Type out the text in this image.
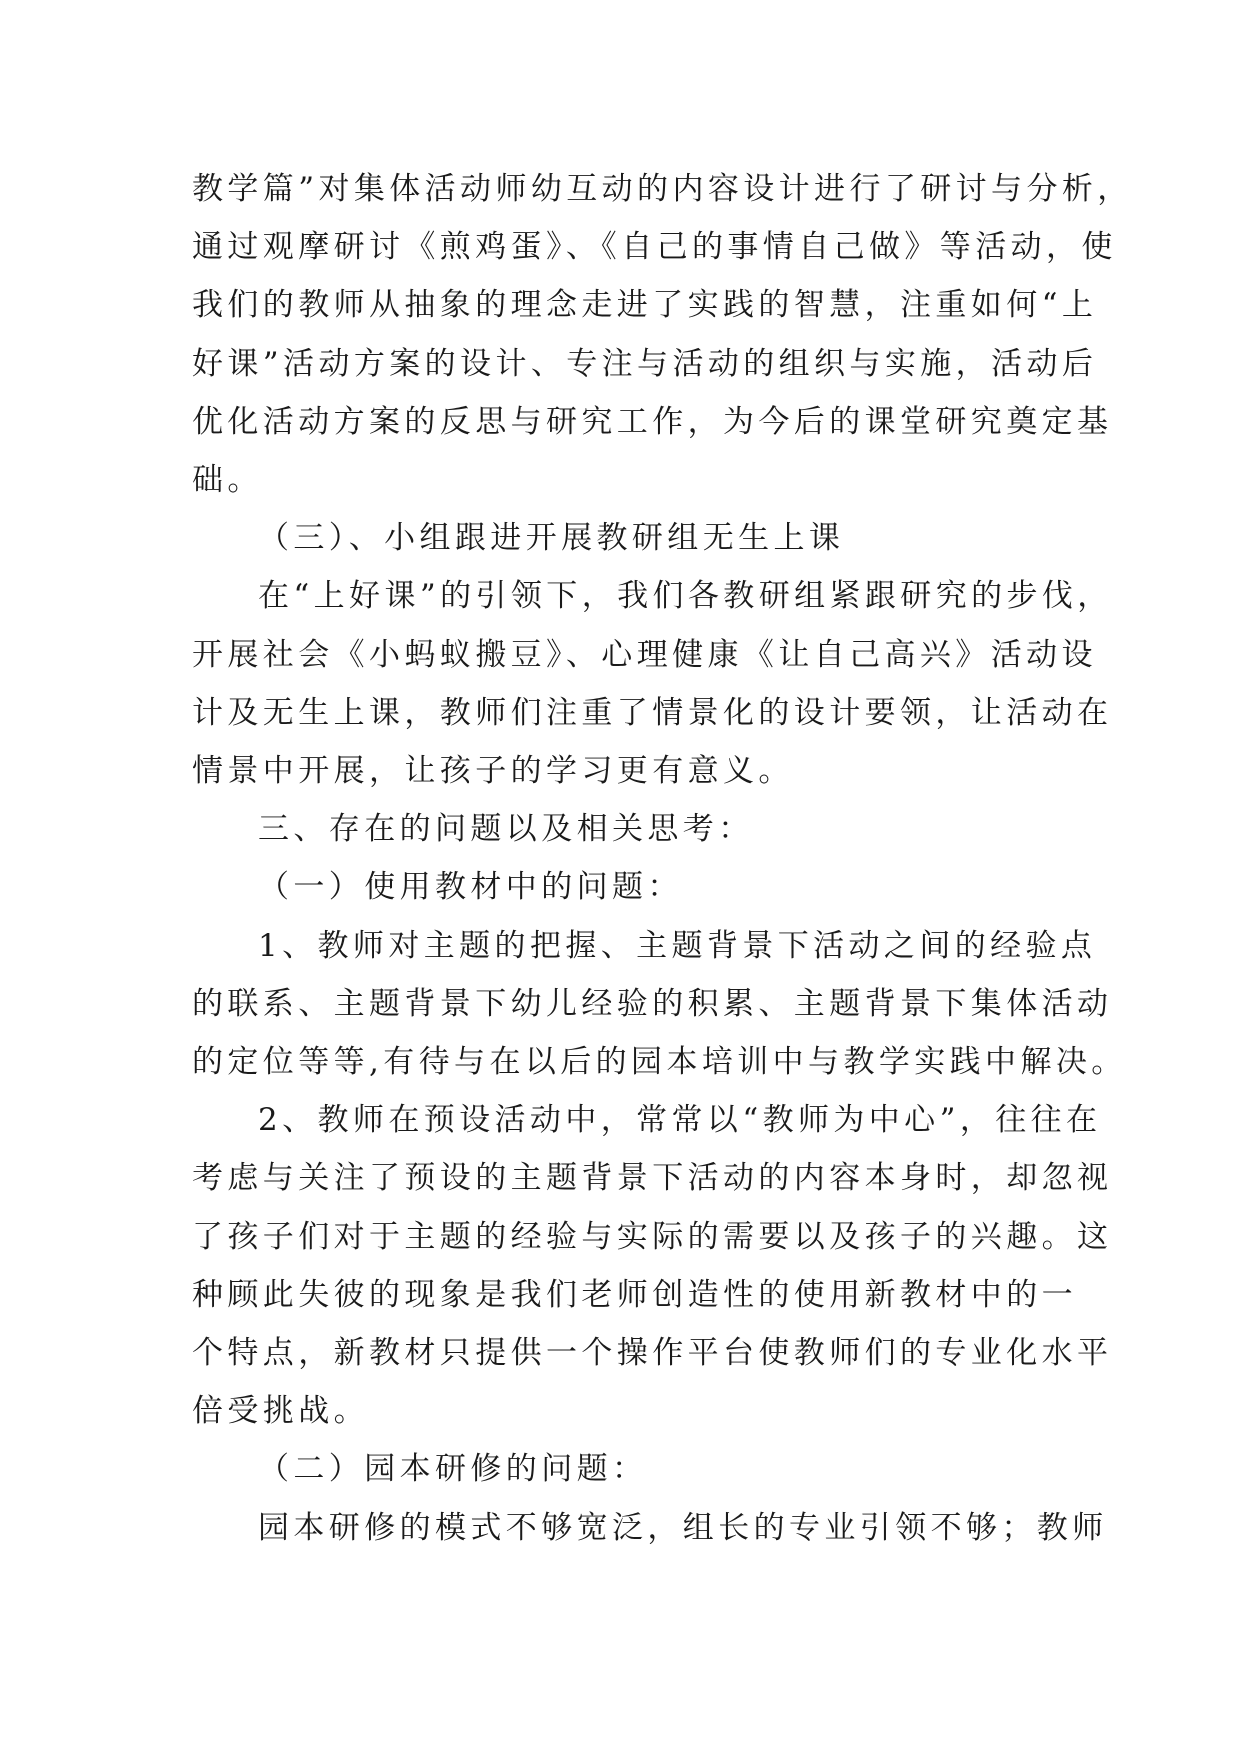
教学篇”对集体活动师幼互动的内容设计进行了研讨与分析，
通过观摩研讨《煎鸡蛋》、《自己的事情自己做》等活动，使
我们的教师从抽象的理念走进了实践的智慧，注重如何“上
好课”活动方案的设计、专注与活动的组织与实施，活动后
优化活动方案的反思与研究工作，为今后的课堂研究奠定基
础。
（三）、小组跟进开展教研组无生上课
在“上好课”的引领下，我们各教研组紧跟研究的步伐，
开展社会《小蚂蚁搬豆》、心理健康《让自己高兴》活动设
计及无生上课，教师们注重了情景化的设计要领，让活动在
情景中开展，让孩子的学习更有意义。
三、存在的问题以及相关思考：
（一）使用教材中的问题：
1、教师对主题的把握、主题背景下活动之间的经验点
的联系、主题背景下幼儿经验的积累、主题背景下集体活动
的定位等等,有待与在以后的园本培训中与教学实践中解决。
2、教师在预设活动中，常常以“教师为中心”，往往在
考虑与关注了预设的主题背景下活动的内容本身时，却忽视
了孩子们对于主题的经验与实际的需要以及孩子的兴趣。这
种顾此失彼的现象是我们老师创造性的使用新教材中的一
个特点，新教材只提供一个操作平台使教师们的专业化水平
倍受挑战。
（二）园本研修的问题：
园本研修的模式不够宽泛，组长的专业引领不够；教师
